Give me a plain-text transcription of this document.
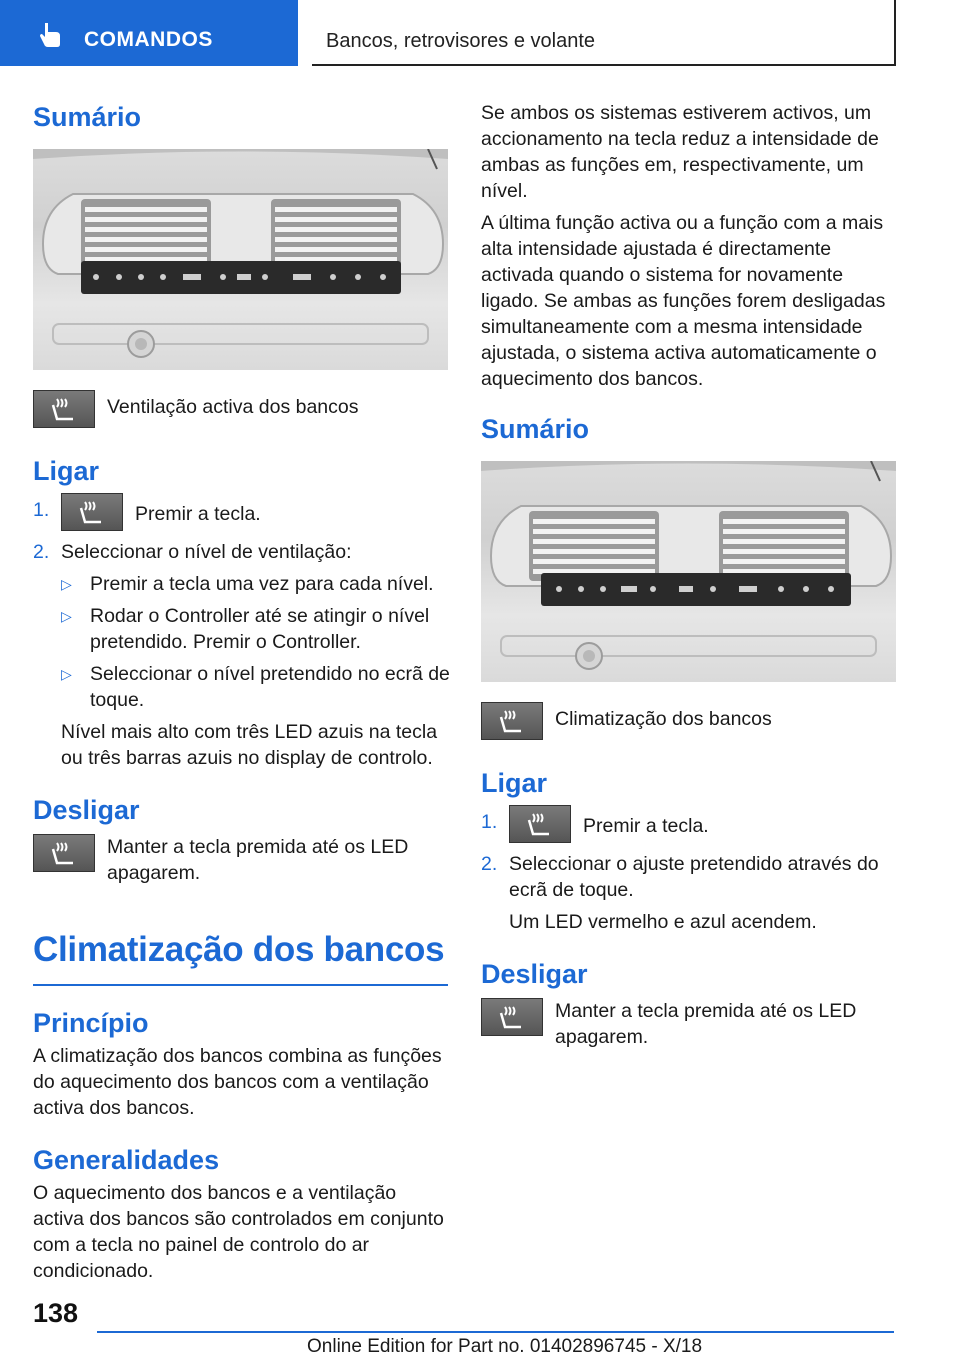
COMANDOS	Bancos, retrovisores e volante
Sumário
Ventilação activa dos bancos
Ligar
1.	Premir a tecla.
2. Seleccionar o nível de ventilação:
▷ Premir a tecla uma vez para cada nível.
▷ Rodar o Controller até se atingir o nível pretendido. Premir o Controller.
▷ Seleccionar o nível pretendido no ecrã de toque.
Nível mais alto com três LED azuis na tecla ou três barras azuis no display de controlo.
Desligar
Manter a tecla premida até os LED apagarem.
Climatização dos bancos
Princípio

A climatização dos bancos combina as funções do aquecimento dos bancos com a ventilação activa dos bancos.

Generalidades

O aquecimento dos bancos e a ventilação activa dos bancos são controlados em conjunto com a tecla no painel de controlo do ar condicionado.

Se ambos os sistemas estiverem activos, um accionamento na tecla reduz a intensidade de ambas as funções em, respectivamente, um nível.

A última função activa ou a função com a mais alta intensidade ajustada é directamente activada quando o sistema for novamente ligado. Se ambas as funções forem desligadas simultaneamente com a mesma intensidade ajustada, o sistema activa automaticamente o aquecimento dos bancos.

Sumário
Climatização dos bancos
Ligar
1.	Premir a tecla.
2. Seleccionar o ajuste pretendido através do ecrã de toque.
Um LED vermelho e azul acendem.
Desligar
Manter a tecla premida até os LED apagarem.
138
Online Edition for Part no. 01402896745 - X/18
